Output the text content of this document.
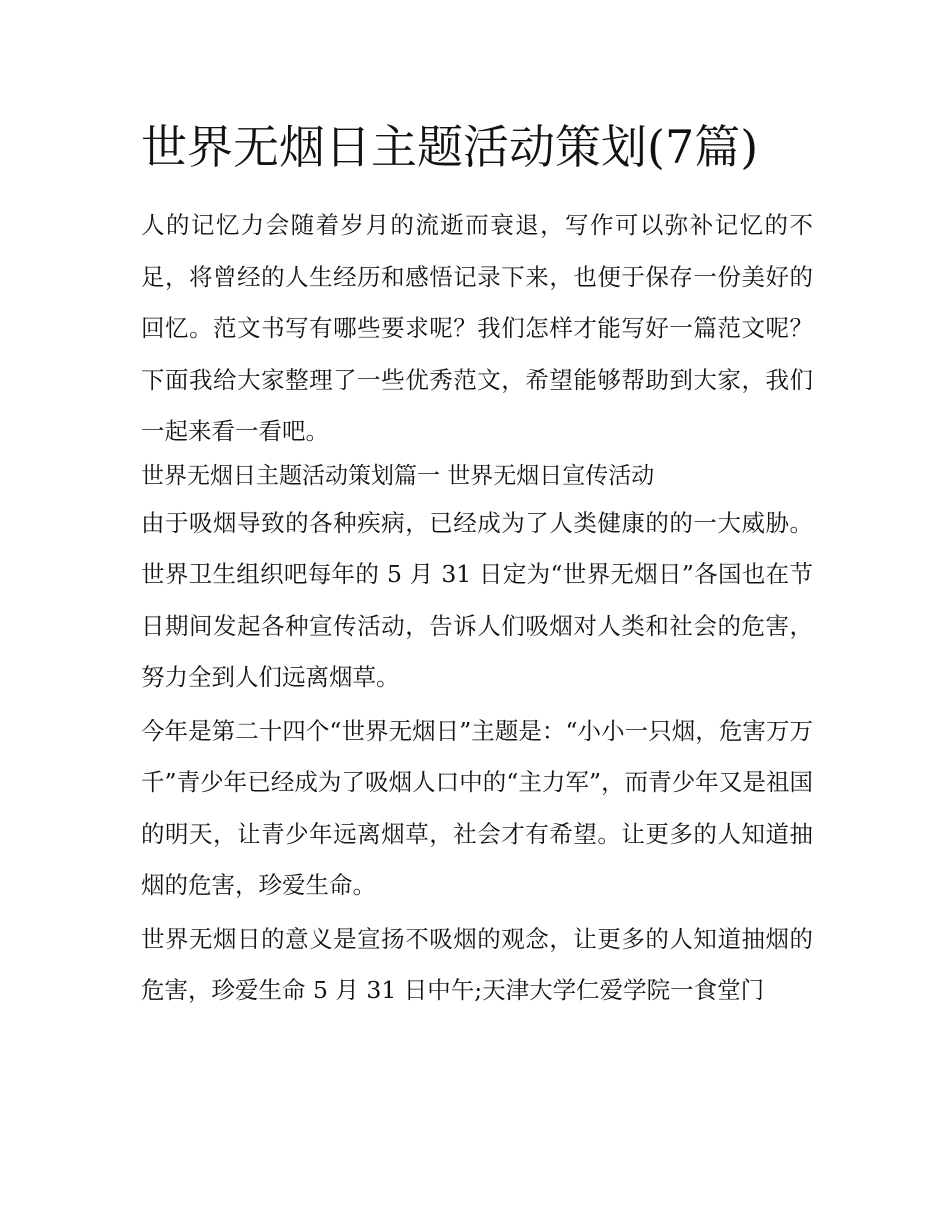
世界无烟日主题活动策划(7篇)

人的记忆力会随着岁月的流逝而衰退，写作可以弥补记忆的不足，将曾经的人生经历和感悟记录下来，也便于保存一份美好的回忆。范文书写有哪些要求呢？我们怎样才能写好一篇范文呢？下面我给大家整理了一些优秀范文，希望能够帮助到大家，我们一起来看一看吧。

世界无烟日主题活动策划篇一 世界无烟日宣传活动

由于吸烟导致的各种疾病，已经成为了人类健康的的一大威胁。世界卫生组织吧每年的 5 月 31 日定为“世界无烟日”各国也在节日期间发起各种宣传活动，告诉人们吸烟对人类和社会的危害，努力全到人们远离烟草。

今年是第二十四个“世界无烟日”主题是：“小小一只烟，危害万万千”青少年已经成为了吸烟人口中的“主力军”，而青少年又是祖国的明天，让青少年远离烟草，社会才有希望。让更多的人知道抽烟的危害，珍爱生命。

世界无烟日的意义是宣扬不吸烟的观念，让更多的人知道抽烟的危害，珍爱生命 5 月 31 日中午;天津大学仁爱学院一食堂门
